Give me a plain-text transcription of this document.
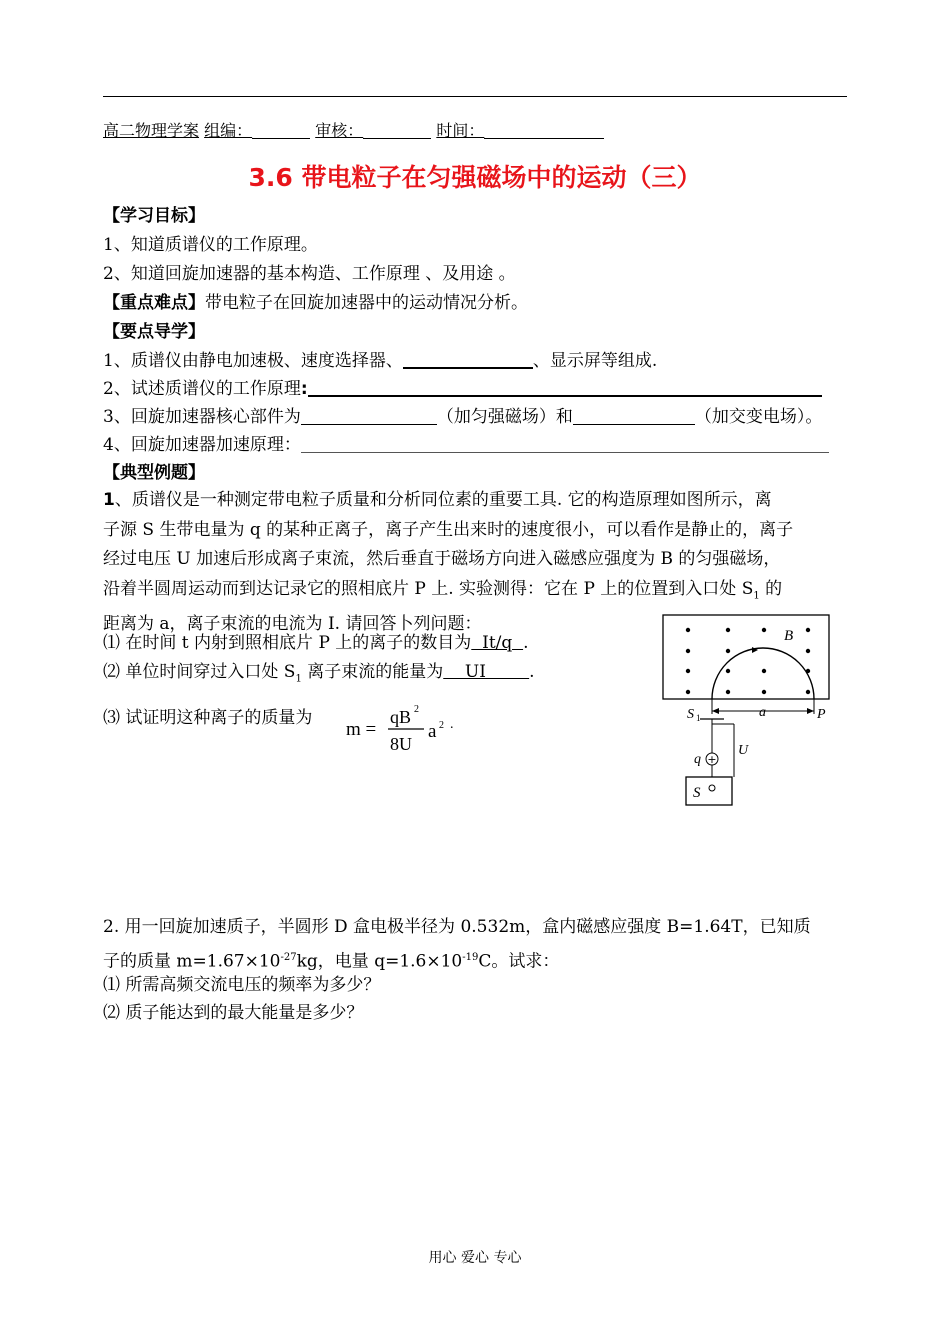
高二物理学案 组编：	审核：	时间：
3.6 带电粒子在匀强磁场中的运动（三）
【学习目标】
1、知道质谱仪的工作原理。
2、知道回旋加速器的基本构造、工作原理 、及用途 。
【重点难点】带电粒子在回旋加速器中的运动情况分析。
【要点导学】
1、质谱仪由静电加速极、速度选择器、	、显示屏等组成.
2、试述质谱仪的工作原理:
3、回旋加速器核心部件为	（加匀强磁场）和	（加交变电场）。
4、回旋加速器加速原理：
【典型例题】
1、质谱仪是一种测定带电粒子质量和分析同位素的重要工具. 它的构造原理如图所示，离
子源 S 生带电量为 q 的某种正离子，离子产生出来时的速度很小，可以看作是静止的，离子
经过电压 U 加速后形成离子束流，然后垂直于磁场方向进入磁感应强度为 B 的匀强磁场，
沿着半圆周运动而到达记录它的照相底片 P 上. 实验测得：它在 P 上的位置到入口处 $S_1$ 的
距离为 a，离子束流的电流为 I. 请回答卜列问题：
⑴ 在时间 t 内射到照相底片 P 上的离子的数目为  It/q  .
⑵ 单位时间穿过入口处 $S_1$ 离子束流的能量为    UI        .
⑶ 试证明这种离子的质量为
m =
qB 2
8U
a 2 .
B
S 1	a	P
U
+
q
S
2. 用一回旋加速质子，半圆形 D 盒电极半径为 0.532m，盒内磁感应强度 B=1.64T，已知质
子的质量 $m=1.67\times 10^{-27}kg$，电量 $q=1.6\times 10^{-19}C$。试求：
⑴ 所需高频交流电压的频率为多少？
⑵ 质子能达到的最大能量是多少？
用心 爱心 专心
